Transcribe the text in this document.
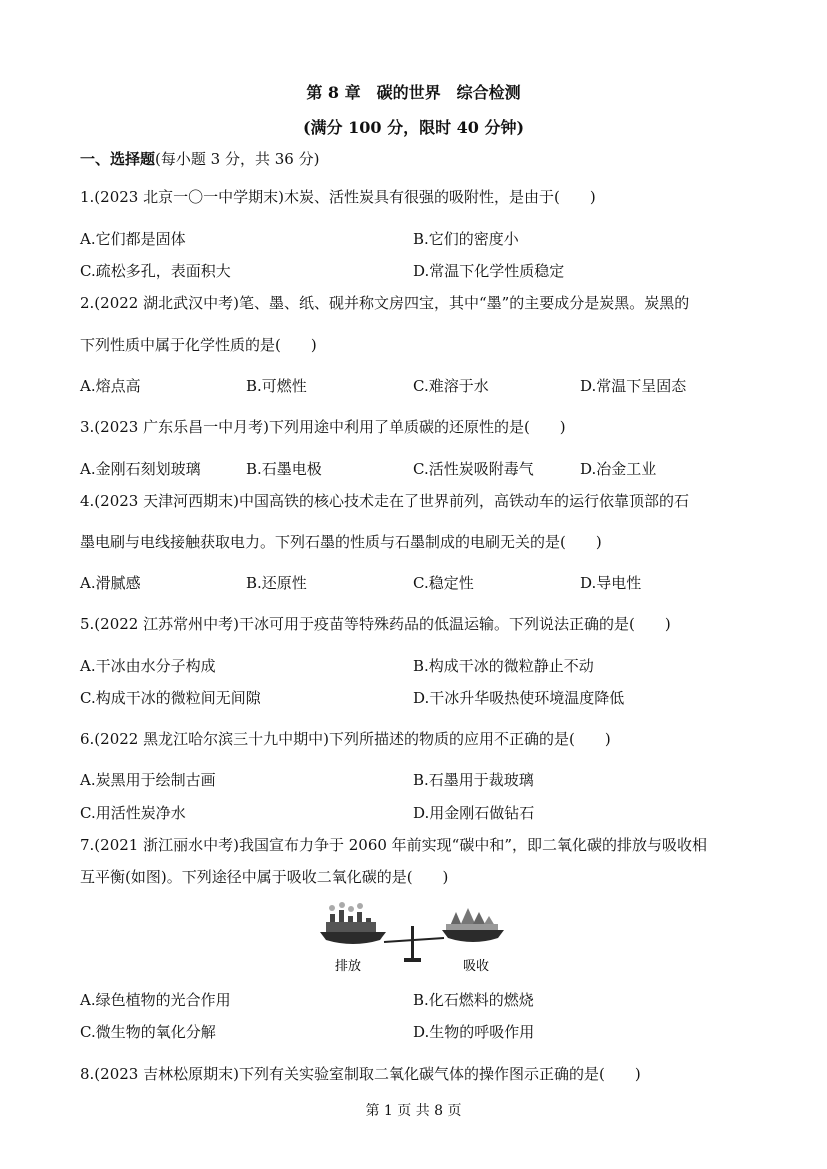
第 8 章　碳的世界　综合检测
(满分 100 分，限时 40 分钟)
一、选择题(每小题 3 分，共 36 分)
1.(2023 北京一〇一中学期末)木炭、活性炭具有很强的吸附性，是由于(　　)
A.它们都是固体	B.它们的密度小
C.疏松多孔，表面积大	D.常温下化学性质稳定
2.(2022 湖北武汉中考)笔、墨、纸、砚并称文房四宝，其中“墨”的主要成分是炭黑。炭黑的
下列性质中属于化学性质的是(　　)
A.熔点高	B.可燃性	C.难溶于水	D.常温下呈固态
3.(2023 广东乐昌一中月考)下列用途中利用了单质碳的还原性的是(　　)
A.金刚石刻划玻璃	B.石墨电极	C.活性炭吸附毒气	D.冶金工业
4.(2023 天津河西期末)中国高铁的核心技术走在了世界前列，高铁动车的运行依靠顶部的石
墨电刷与电线接触获取电力。下列石墨的性质与石墨制成的电刷无关的是(　　)
A.滑腻感	B.还原性	C.稳定性	D.导电性
5.(2022 江苏常州中考)干冰可用于疫苗等特殊药品的低温运输。下列说法正确的是(　　)
A.干冰由水分子构成	B.构成干冰的微粒静止不动
C.构成干冰的微粒间无间隙	D.干冰升华吸热使环境温度降低
6.(2022 黑龙江哈尔滨三十九中期中)下列所描述的物质的应用不正确的是(　　)
A.炭黑用于绘制古画	B.石墨用于裁玻璃
C.用活性炭净水	D.用金刚石做钻石
7.(2021 浙江丽水中考)我国宣布力争于 2060 年前实现“碳中和”，即二氧化碳的排放与吸收相
互平衡(如图)。下列途径中属于吸收二氧化碳的是(　　)
排放	吸收
A.绿色植物的光合作用	B.化石燃料的燃烧
C.微生物的氧化分解	D.生物的呼吸作用
8.(2023 吉林松原期末)下列有关实验室制取二氧化碳气体的操作图示正确的是(　　)
第 1 页 共 8 页
